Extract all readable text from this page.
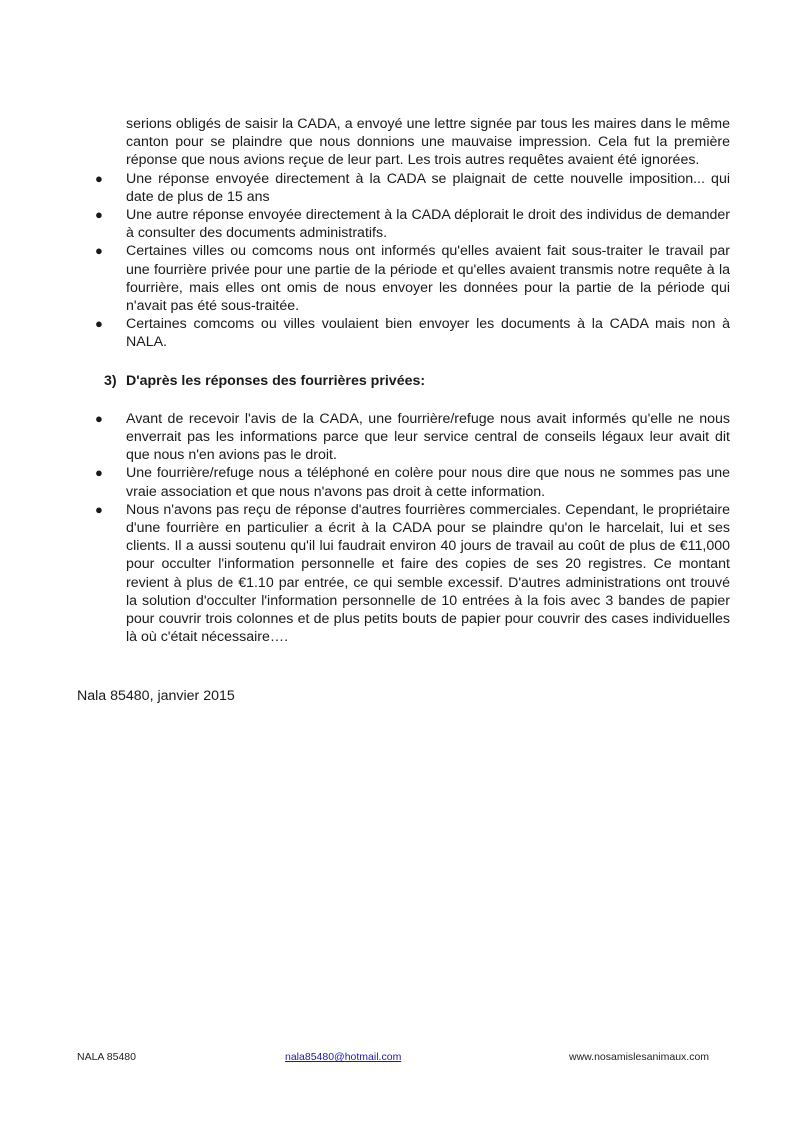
serions obligés de saisir la CADA, a envoyé une lettre signée par tous les maires dans le même canton pour se plaindre que nous donnions une mauvaise impression. Cela fut la première réponse que nous avions reçue de leur part. Les trois autres requêtes avaient été ignorées.

● Une réponse envoyée directement à la CADA se plaignait de cette nouvelle imposition... qui date de plus de 15 ans
● Une autre réponse envoyée directement à la CADA déplorait le droit des individus de demander à consulter des documents administratifs.
● Certaines villes ou comcoms nous ont informés qu'elles avaient fait sous-traiter le travail par une fourrière privée pour une partie de la période et qu'elles avaient transmis notre requête à la fourrière, mais elles ont omis de nous envoyer les données pour la partie de la période qui n'avait pas été sous-traitée.
● Certaines comcoms ou villes voulaient bien envoyer les documents à la CADA mais non à NALA.
3) D'après les réponses des fourrières privées:
● Avant de recevoir l'avis de la CADA, une fourrière/refuge nous avait informés qu'elle ne nous enverrait pas les informations parce que leur service central de conseils légaux leur avait dit que nous n'en avions pas le droit.
● Une fourrière/refuge nous a téléphoné en colère pour nous dire que nous ne sommes pas une vraie association et que nous n'avons pas droit à cette information.
● Nous n'avons pas reçu de réponse d'autres fourrières commerciales. Cependant, le propriétaire d'une fourrière en particulier a écrit à la CADA pour se plaindre qu'on le harcelait, lui et ses clients. Il a aussi soutenu qu'il lui faudrait environ 40 jours de travail au coût de plus de €11,000 pour occulter l'information personnelle et faire des copies de ses 20 registres. Ce montant revient à plus de €1.10 par entrée, ce qui semble excessif. D'autres administrations ont trouvé la solution d'occulter l'information personnelle de 10 entrées à la fois avec 3 bandes de papier pour couvrir trois colonnes et de plus petits bouts de papier pour couvrir des cases individuelles là où c'était nécessaire….
Nala 85480, janvier 2015
NALA 85480	nala85480@hotmail.com	www.nosamislesanimaux.com
